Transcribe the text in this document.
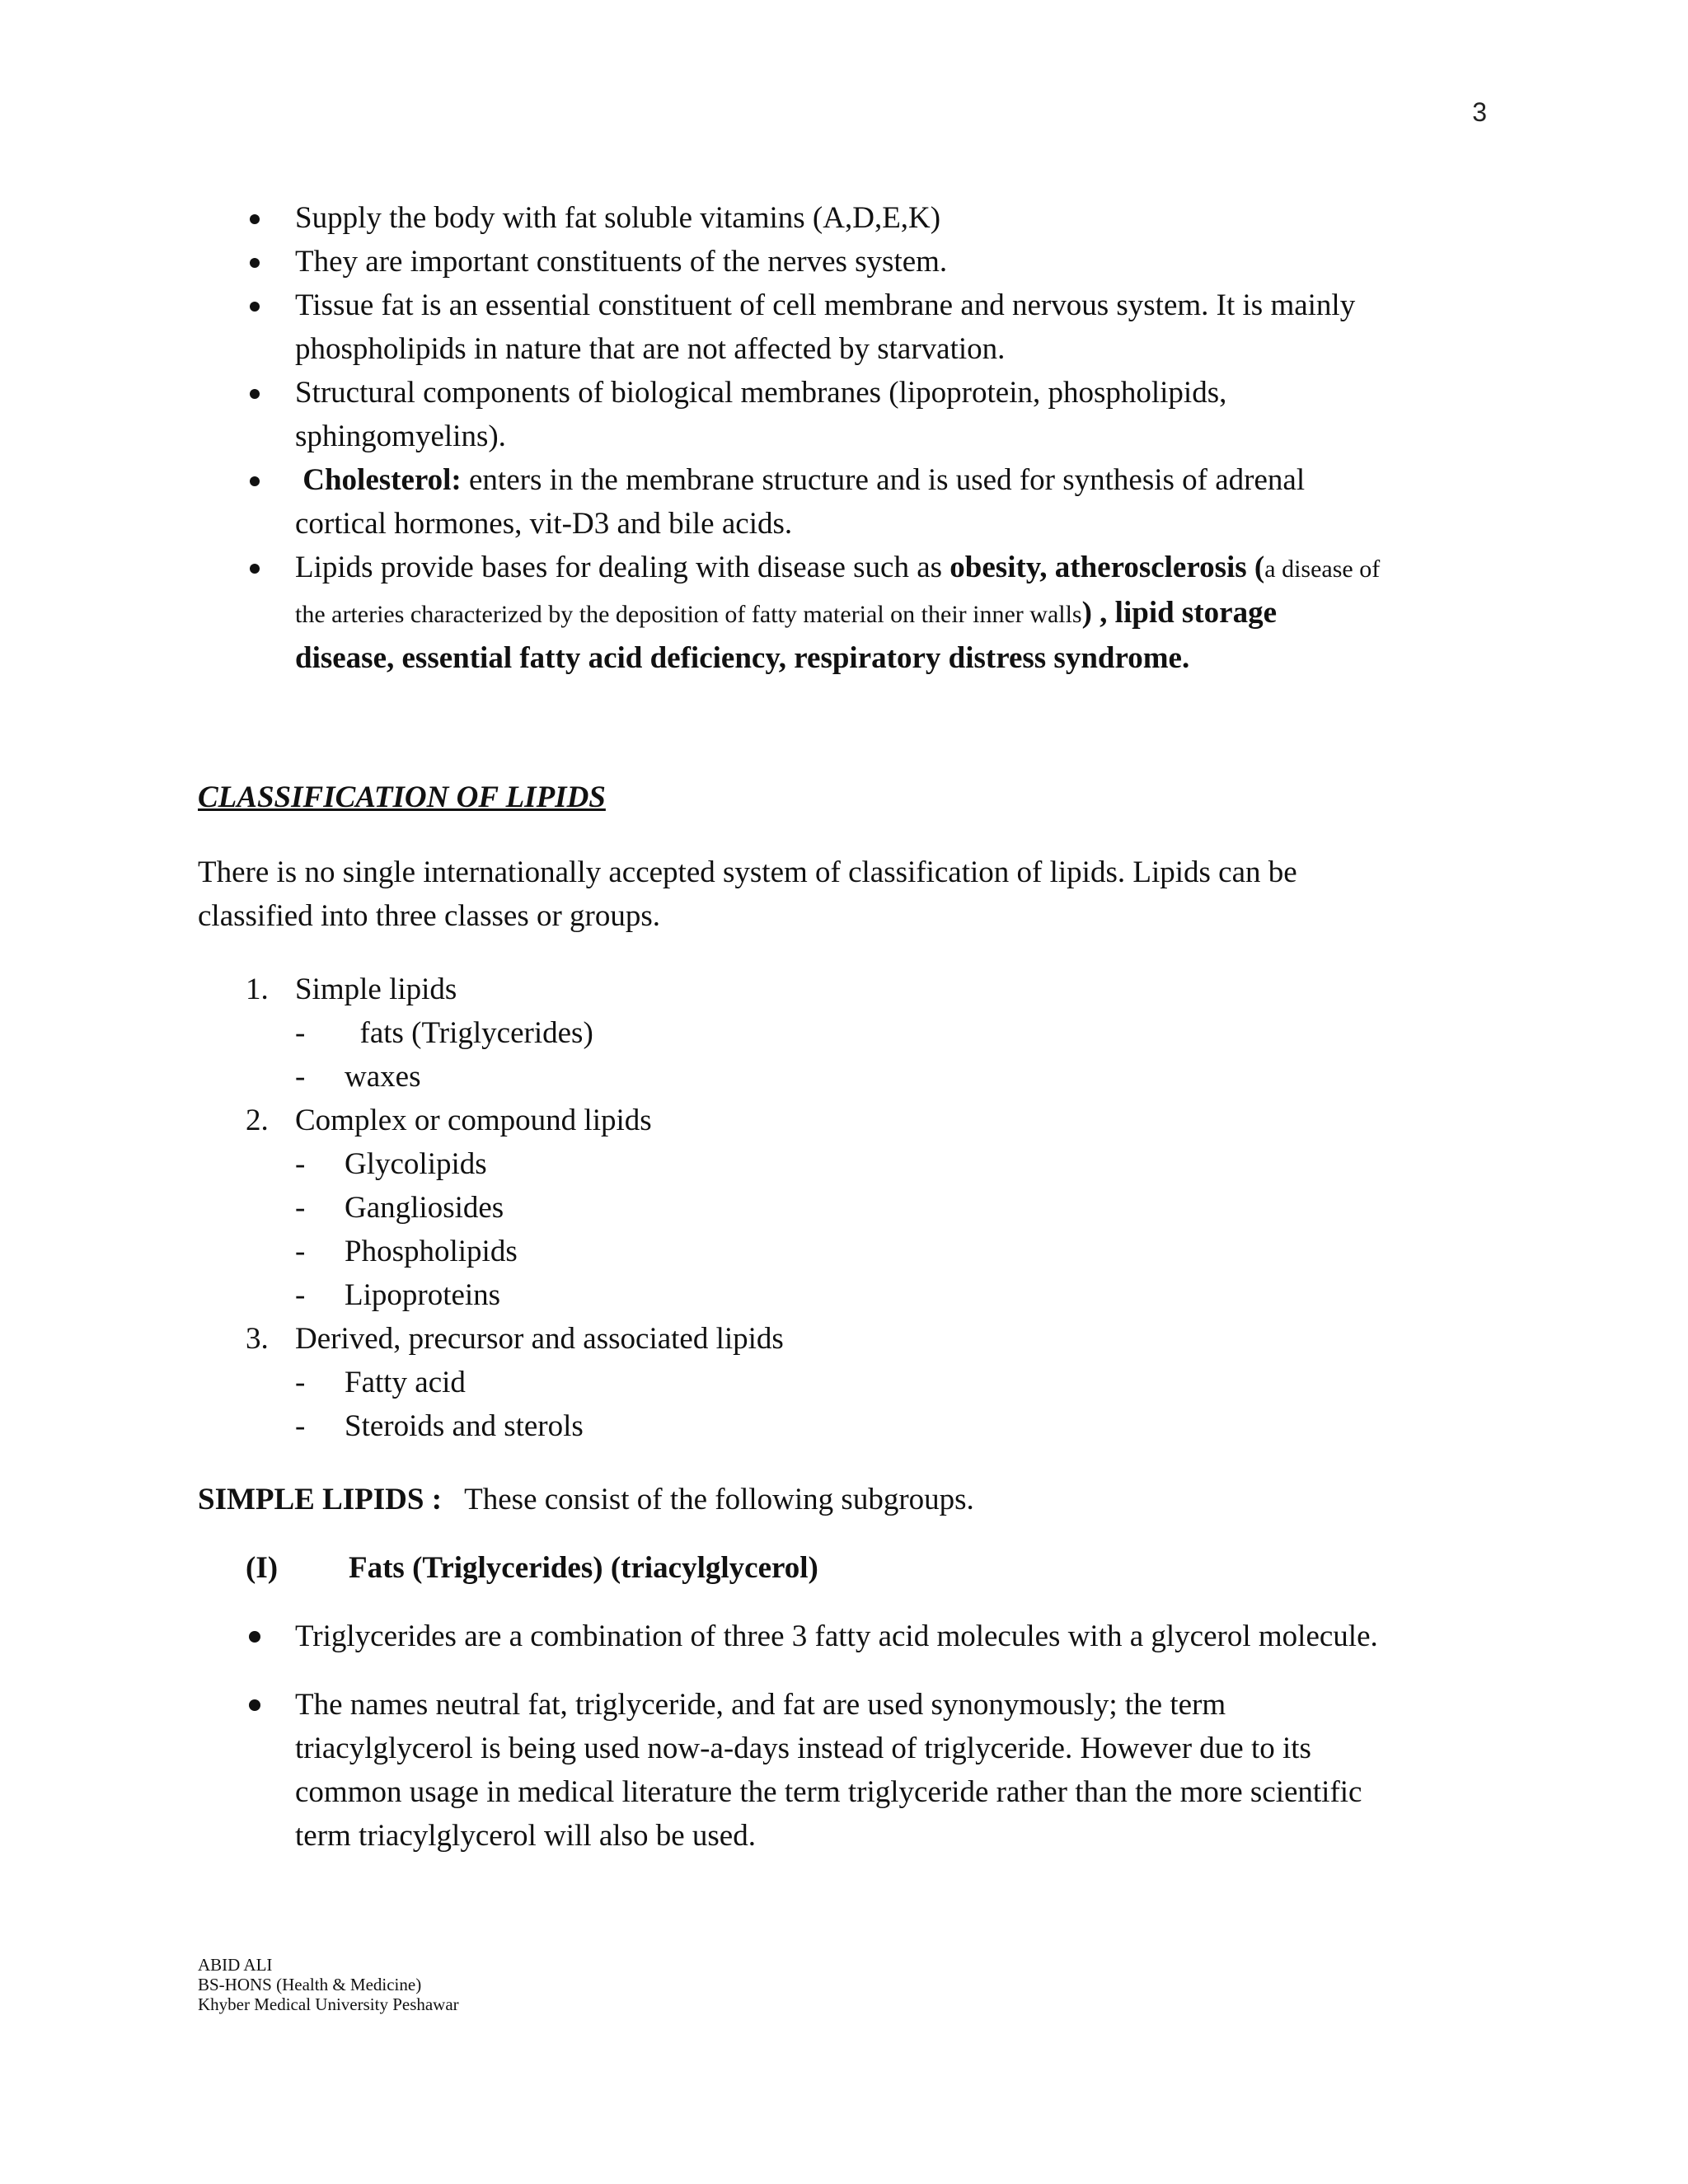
3
Supply the body with fat soluble vitamins (A,D,E,K)
They are important constituents of the nerves system.
Tissue fat is an essential constituent of cell membrane and nervous system. It is mainly
phospholipids in nature that are not affected by starvation.
Structural components of biological membranes (lipoprotein, phospholipids,
sphingomyelins).
Cholesterol: enters in the membrane structure and is used for synthesis of adrenal
cortical hormones, vit-D3 and bile acids.
Lipids provide bases for dealing with disease such as obesity, atherosclerosis (a disease of
the arteries characterized by the deposition of fatty material on their inner walls) , lipid storage
disease, essential fatty acid deficiency, respiratory distress syndrome.
CLASSIFICATION OF LIPIDS
There is no single internationally accepted system of classification of lipids. Lipids can be
classified into three classes or groups.
1. Simple lipids
- fats (Triglycerides)
- waxes
2. Complex or compound lipids
- Glycolipids
- Gangliosides
- Phospholipids
- Lipoproteins
3. Derived, precursor and associated lipids
- Fatty acid
- Steroids and sterols
SIMPLE LIPIDS : These consist of the following subgroups.
(I) Fats (Triglycerides) (triacylglycerol)
Triglycerides are a combination of three 3 fatty acid molecules with a glycerol molecule.
The names neutral fat, triglyceride, and fat are used synonymously; the term
triacylglycerol is being used now-a-days instead of triglyceride. However due to its
common usage in medical literature the term triglyceride rather than the more scientific
term triacylglycerol will also be used.
ABID ALI
BS-HONS (Health & Medicine)
Khyber Medical University Peshawar
